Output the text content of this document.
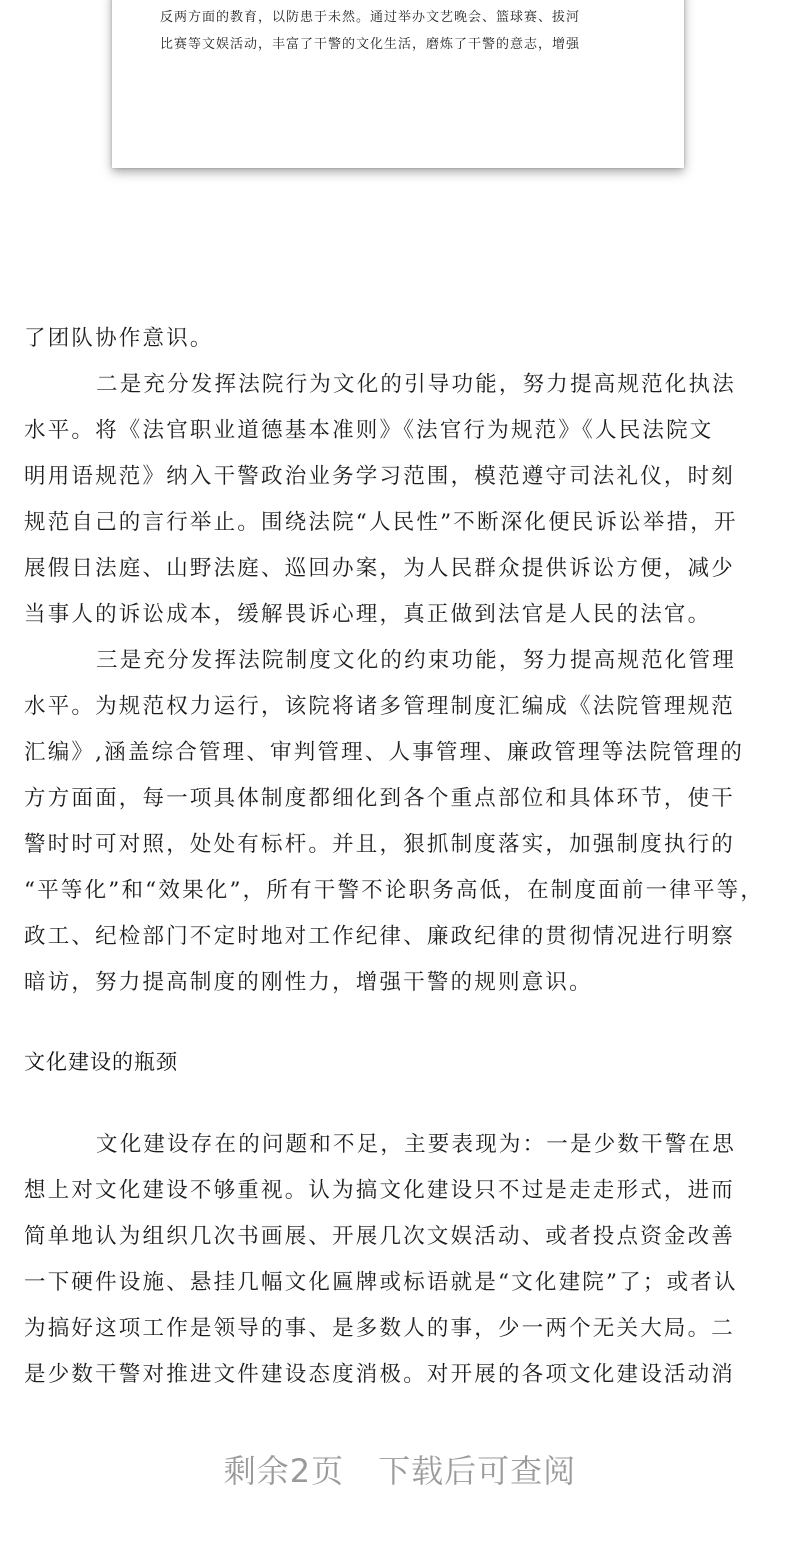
反两方面的教育，以防患于未然。通过举办文艺晚会、篮球赛、拔河
比赛等文娱活动，丰富了干警的文化生活，磨炼了干警的意志，增强
了团队协作意识。
二是充分发挥法院行为文化的引导功能，努力提高规范化执法
水平。将《法官职业道德基本准则》《法官行为规范》《人民法院文
明用语规范》纳入干警政治业务学习范围，模范遵守司法礼仪，时刻
规范自己的言行举止。围绕法院“人民性”不断深化便民诉讼举措，开
展假日法庭、山野法庭、巡回办案，为人民群众提供诉讼方便，减少
当事人的诉讼成本，缓解畏诉心理，真正做到法官是人民的法官。
三是充分发挥法院制度文化的约束功能，努力提高规范化管理
水平。为规范权力运行，该院将诸多管理制度汇编成《法院管理规范
汇编》,涵盖综合管理、审判管理、人事管理、廉政管理等法院管理的
方方面面，每一项具体制度都细化到各个重点部位和具体环节，使干
警时时可对照，处处有标杆。并且，狠抓制度落实，加强制度执行的
“平等化”和“效果化”，所有干警不论职务高低，在制度面前一律平等，
政工、纪检部门不定时地对工作纪律、廉政纪律的贯彻情况进行明察
暗访，努力提高制度的刚性力，增强干警的规则意识。
文化建设的瓶颈
文化建设存在的问题和不足，主要表现为：一是少数干警在思
想上对文化建设不够重视。认为搞文化建设只不过是走走形式，进而
简单地认为组织几次书画展、开展几次文娱活动、或者投点资金改善
一下硬件设施、悬挂几幅文化匾牌或标语就是“文化建院”了；或者认
为搞好这项工作是领导的事、是多数人的事，少一两个无关大局。二
是少数干警对推进文件建设态度消极。对开展的各项文化建设活动消
剩余2页 下载后可查阅
